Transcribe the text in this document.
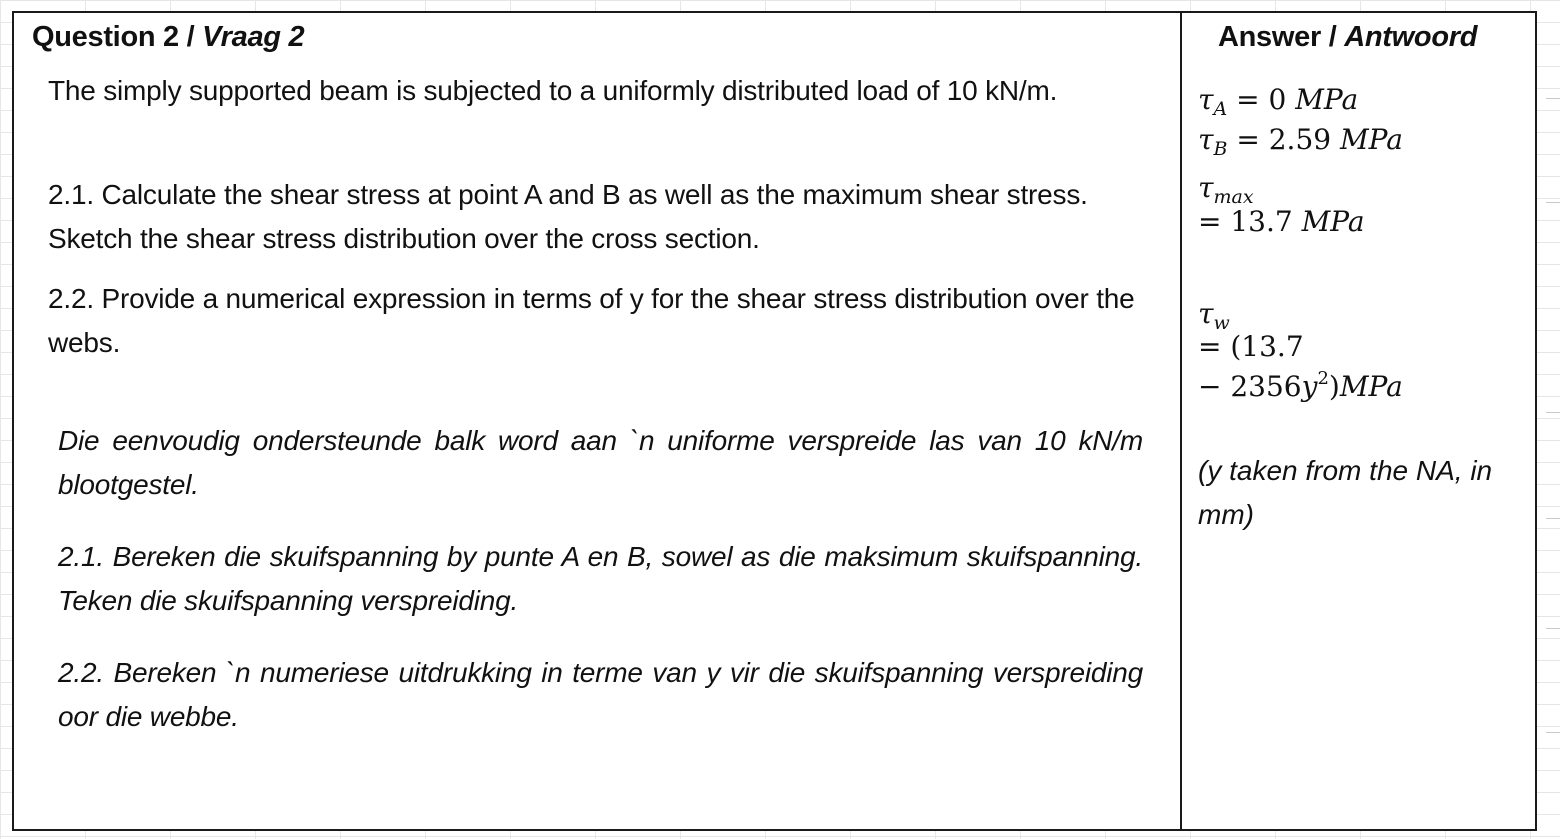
Question 2 / Vraag 2

The simply supported beam is subjected to a uniformly distributed load of 10 kN/m.

2.1. Calculate the shear stress at point A and B as well as the maximum shear stress. Sketch the shear stress distribution over the cross section.

2.2. Provide a numerical expression in terms of y for the shear stress distribution over the webs.

Die eenvoudig ondersteunde balk word aan `n uniforme verspreide las van 10 kN/m blootgestel.

2.1. Bereken die skuifspanning by punte A en B, sowel as die maksimum skuifspanning. Teken die skuifspanning verspreiding.

2.2. Bereken `n numeriese uitdrukking in terme van y vir die skuifspanning verspreiding oor die webbe.

Answer / Antwoord
$\tau_A = 0$ MPa
$\tau_B = 2.59$ MPa
$\tau_{max}$
= 13.7 MPa
$\tau_w$
= (13.7
− $2356y^2)MPa$
(y taken from the NA, in mm)
